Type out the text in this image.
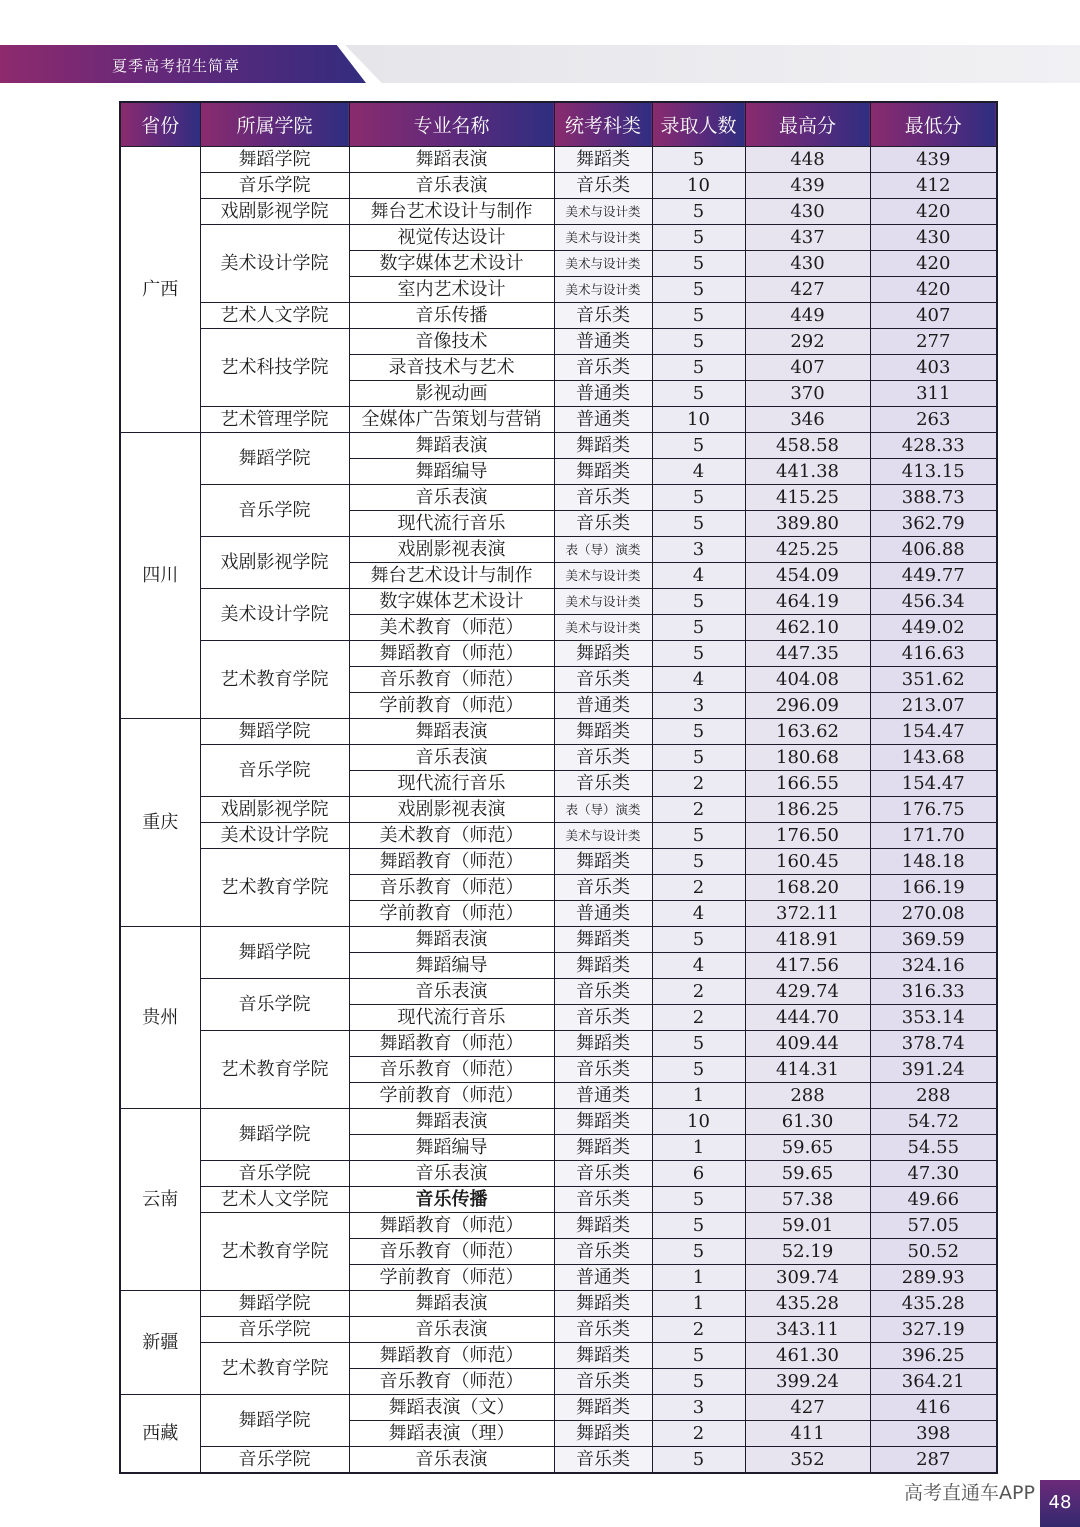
夏季高考招生简章
省份	所属学院	专业名称	统考科类	录取人数	最高分	最低分
广西	舞蹈学院	舞蹈表演	舞蹈类	5	448	439
	音乐学院	音乐表演	音乐类	10	439	412
	戏剧影视学院	舞台艺术设计与制作	美术与设计类	5	430	420
	美术设计学院	视觉传达设计	美术与设计类	5	437	430
		数字媒体艺术设计	美术与设计类	5	430	420
		室内艺术设计	美术与设计类	5	427	420
	艺术人文学院	音乐传播	音乐类	5	449	407
	艺术科技学院	音像技术	普通类	5	292	277
		录音技术与艺术	音乐类	5	407	403
		影视动画	普通类	5	370	311
	艺术管理学院	全媒体广告策划与营销	普通类	10	346	263
四川	舞蹈学院	舞蹈表演	舞蹈类	5	458.58	428.33
		舞蹈编导	舞蹈类	4	441.38	413.15
	音乐学院	音乐表演	音乐类	5	415.25	388.73
		现代流行音乐	音乐类	5	389.80	362.79
	戏剧影视学院	戏剧影视表演	表（导）演类	3	425.25	406.88
		舞台艺术设计与制作	美术与设计类	4	454.09	449.77
	美术设计学院	数字媒体艺术设计	美术与设计类	5	464.19	456.34
		美术教育（师范）	美术与设计类	5	462.10	449.02
	艺术教育学院	舞蹈教育（师范）	舞蹈类	5	447.35	416.63
		音乐教育（师范）	音乐类	4	404.08	351.62
		学前教育（师范）	普通类	3	296.09	213.07
重庆	舞蹈学院	舞蹈表演	舞蹈类	5	163.62	154.47
	音乐学院	音乐表演	音乐类	5	180.68	143.68
		现代流行音乐	音乐类	2	166.55	154.47
	戏剧影视学院	戏剧影视表演	表（导）演类	2	186.25	176.75
	美术设计学院	美术教育（师范）	美术与设计类	5	176.50	171.70
	艺术教育学院	舞蹈教育（师范）	舞蹈类	5	160.45	148.18
		音乐教育（师范）	音乐类	2	168.20	166.19
		学前教育（师范）	普通类	4	372.11	270.08
贵州	舞蹈学院	舞蹈表演	舞蹈类	5	418.91	369.59
		舞蹈编导	舞蹈类	4	417.56	324.16
	音乐学院	音乐表演	音乐类	2	429.74	316.33
		现代流行音乐	音乐类	2	444.70	353.14
	艺术教育学院	舞蹈教育（师范）	舞蹈类	5	409.44	378.74
		音乐教育（师范）	音乐类	5	414.31	391.24
		学前教育（师范）	普通类	1	288	288
云南	舞蹈学院	舞蹈表演	舞蹈类	10	61.30	54.72
		舞蹈编导	舞蹈类	1	59.65	54.55
	音乐学院	音乐表演	音乐类	6	59.65	47.30
	艺术人文学院	音乐传播	音乐类	5	57.38	49.66
	艺术教育学院	舞蹈教育（师范）	舞蹈类	5	59.01	57.05
		音乐教育（师范）	音乐类	5	52.19	50.52
		学前教育（师范）	普通类	1	309.74	289.93
新疆	舞蹈学院	舞蹈表演	舞蹈类	1	435.28	435.28
	音乐学院	音乐表演	音乐类	2	343.11	327.19
	艺术教育学院	舞蹈教育（师范）	舞蹈类	5	461.30	396.25
		音乐教育（师范）	音乐类	5	399.24	364.21
西藏	舞蹈学院	舞蹈表演（文）	舞蹈类	3	427	416
		舞蹈表演（理）	舞蹈类	2	411	398
	音乐学院	音乐表演	音乐类	5	352	287
高考直通车APP 48
